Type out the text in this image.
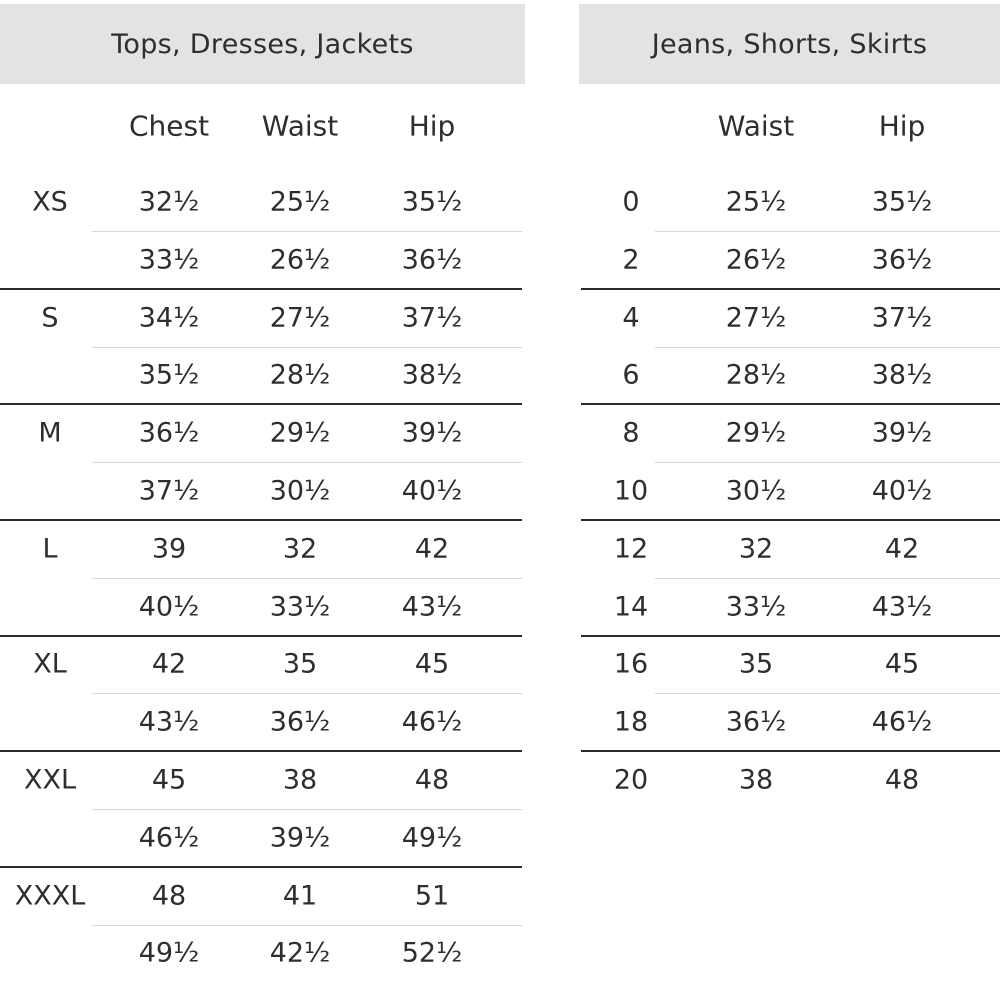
Tops, Dresses, Jackets
Chest Waist	Hip
XS	32½	25½	35½
33½	26½	36½
S	34½	27½	37½
35½	28½	38½
M	36½	29½	39½
37½	30½	40½
L	39	32	42
40½	33½	43½
XL	42	35	45
43½	36½	46½
XXL	45	38	48
46½	39½	49½
XXXL 48	41	51
49½	42½	52½
Jeans, Shorts, Skirts
Waist	Hip
0	25½	35½
2	26½	36½
4	27½	37½
6	28½	38½
8	29½	39½
10	30½	40½
12	32	42
14	33½	43½
16	35	45
18	36½	46½
20	38	48
